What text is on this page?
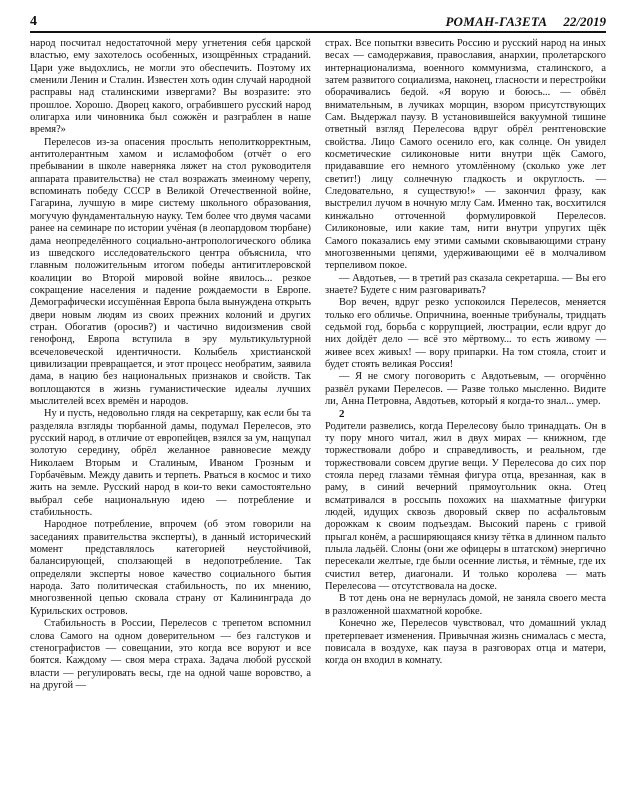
4	РОМАН-ГАЗЕТА 22/2019

народ посчитал недостаточной меру угнетения себя царской властью, ему захотелось особенных, изощрённых страданий. Цари уже выдохлись, не могли это обеспечить. Поэтому их сменили Ленин и Сталин. Известен хоть один случай народной расправы над сталинскими извергами? Вы возразите: это прошлое. Хорошо. Дворец какого, ограбившего русский народ олигарха или чиновника был сожжён и разграблен в наше время?»

Перелесов из-за опасения прослыть неполиткорректным, антитолерантным хамом и исламофобом (отчёт о его пребывании в школе наверняка ляжет на стол руководителя аппарата правительства) не стал возражать змеиному черепу, вспоминать победу СССР в Великой Отечественной войне, Гагарина, лучшую в мире систему школьного образования, могучую фундаментальную науку. Тем более что двумя часами ранее на семинаре по истории учёная (в леопардовом тюрбане) дама неопределённого социально-антропологического облика из шведского исследовательского центра объяснила, что главным положительным итогом победы антигитлеровской коалиции во Второй мировой войне явилось... резкое сокращение населения и падение рождаемости в Европе. Демографически иссушённая Европа была вынуждена открыть двери новым людям из своих прежних колоний и других стран. Обогатив (оросив?) и частично видоизменив свой генофонд, Европа вступила в эру мультикультурной всечеловеческой идентичности. Колыбель христианской цивилизации превращается, и этот процесс необратим, заявила дама, в нацию без национальных признаков и свойств. Так воплощаются в жизнь гуманистические идеалы лучших мыслителей всех времён и народов.

Ну и пусть, недовольно глядя на секретаршу, как если бы та разделяла взгляды тюрбанной дамы, подумал Перелесов, это русский народ, в отличие от европейцев, взялся за ум, нащупал золотую середину, обрёл желанное равновесие между Николаем Вторым и Сталиным, Иваном Грозным и Горбачёвым. Между давить и терпеть. Рваться в космос и тихо жить на земле. Русский народ в кои-то веки самостоятельно выбрал себе национальную идею — потребление и стабильность.

Народное потребление, впрочем (об этом говорили на заседаниях правительства эксперты), в данный исторический момент представлялось категорией неустойчивой, балансирующей, сползающей в недопотребление. Так определяли эксперты новое качество социального бытия народа. Зато политическая стабильность, по их мнению, многозвенной цепью сковала страну от Калининграда до Курильских островов.

Стабильность в России, Перелесов с трепетом вспомнил слова Самого на одном доверительном — без галстуков и стенографистов — совещании, это когда все воруют и все боятся. Каждому — своя мера страха. Задача любой русской власти — регулировать весы, где на одной чаше воровство, а на другой —

страх. Все попытки взвесить Россию и русский народ на иных весах — самодержавия, православия, анархии, пролетарского интернационализма, военного коммунизма, сталинского, а затем развитого социализма, наконец, гласности и перестройки оборачивались бедой. «Я ворую и боюсь... — обвёл внимательным, в лучиках морщин, взором присутствующих Сам. Выдержал паузу. В установившейся вакуумной тишине ответный взгляд Перелесова вдруг обрёл рентгеновские свойства. Лицо Самого осенило его, как солнце. Он увидел косметические силиконовые нити внутри щёк Самого, придававшие его немного утомлённому (сколько уже лет светит!) лицу солнечную гладкость и округлость. — Следовательно, я существую!» — закончил фразу, как выстрелил лучом в ночную мглу Сам. Именно так, восхитился кинжально отточенной формулировкой Перелесов. Силиконовые, или какие там, нити внутри упругих щёк Самого показались ему этими самыми сковывающими страну многозвенными цепями, удерживающими её в молчаливом терпеливом покое.

— Авдотьев, — в третий раз сказала секретарша. — Вы его знаете? Будете с ним разговаривать?

Вор вечен, вдруг резко успокоился Перелесов, меняется только его обличье. Опричнина, военные трибуналы, тридцать седьмой год, борьба с коррупцией, люстрации, если вдруг до них дойдёт дело — всё это мёртвому... то есть живому — живее всех живых! — вору припарки. На том стояла, стоит и будет стоять великая Россия!

— Я не смогу поговорить с Авдотьевым, — огорчённо развёл руками Перелесов. — Разве только мысленно. Видите ли, Анна Петровна, Авдотьев, который я когда-то знал... умер.

2

Родители развелись, когда Перелесову было тринадцать. Он в ту пору много читал, жил в двух мирах — книжном, где торжествовали добро и справедливость, и реальном, где торжествовали совсем другие вещи. У Перелесова до сих пор стояла перед глазами тёмная фигура отца, врезанная, как в раму, в синий вечерний прямоугольник окна. Отец всматривался в россыпь похожих на шахматные фигурки людей, идущих сквозь дворовый сквер по асфальтовым дорожкам к своим подъездам. Высокий парень с гривой прыгал конём, а расширяющаяся книзу тётка в длинном пальто плыла ладьёй. Слоны (они же офицеры в штатском) энергично пересекали желтые, где были осенние листья, и тёмные, где их счистил ветер, диагонали. И только королева — мать Перелесова — отсутствовала на доске.

В тот день она не вернулась домой, не заняла своего места в разложенной шахматной коробке.

Конечно же, Перелесов чувствовал, что домашний уклад претерпевает изменения. Привычная жизнь снималась с места, повисала в воздухе, как пауза в разговорах отца и матери, когда он входил в комнату.
